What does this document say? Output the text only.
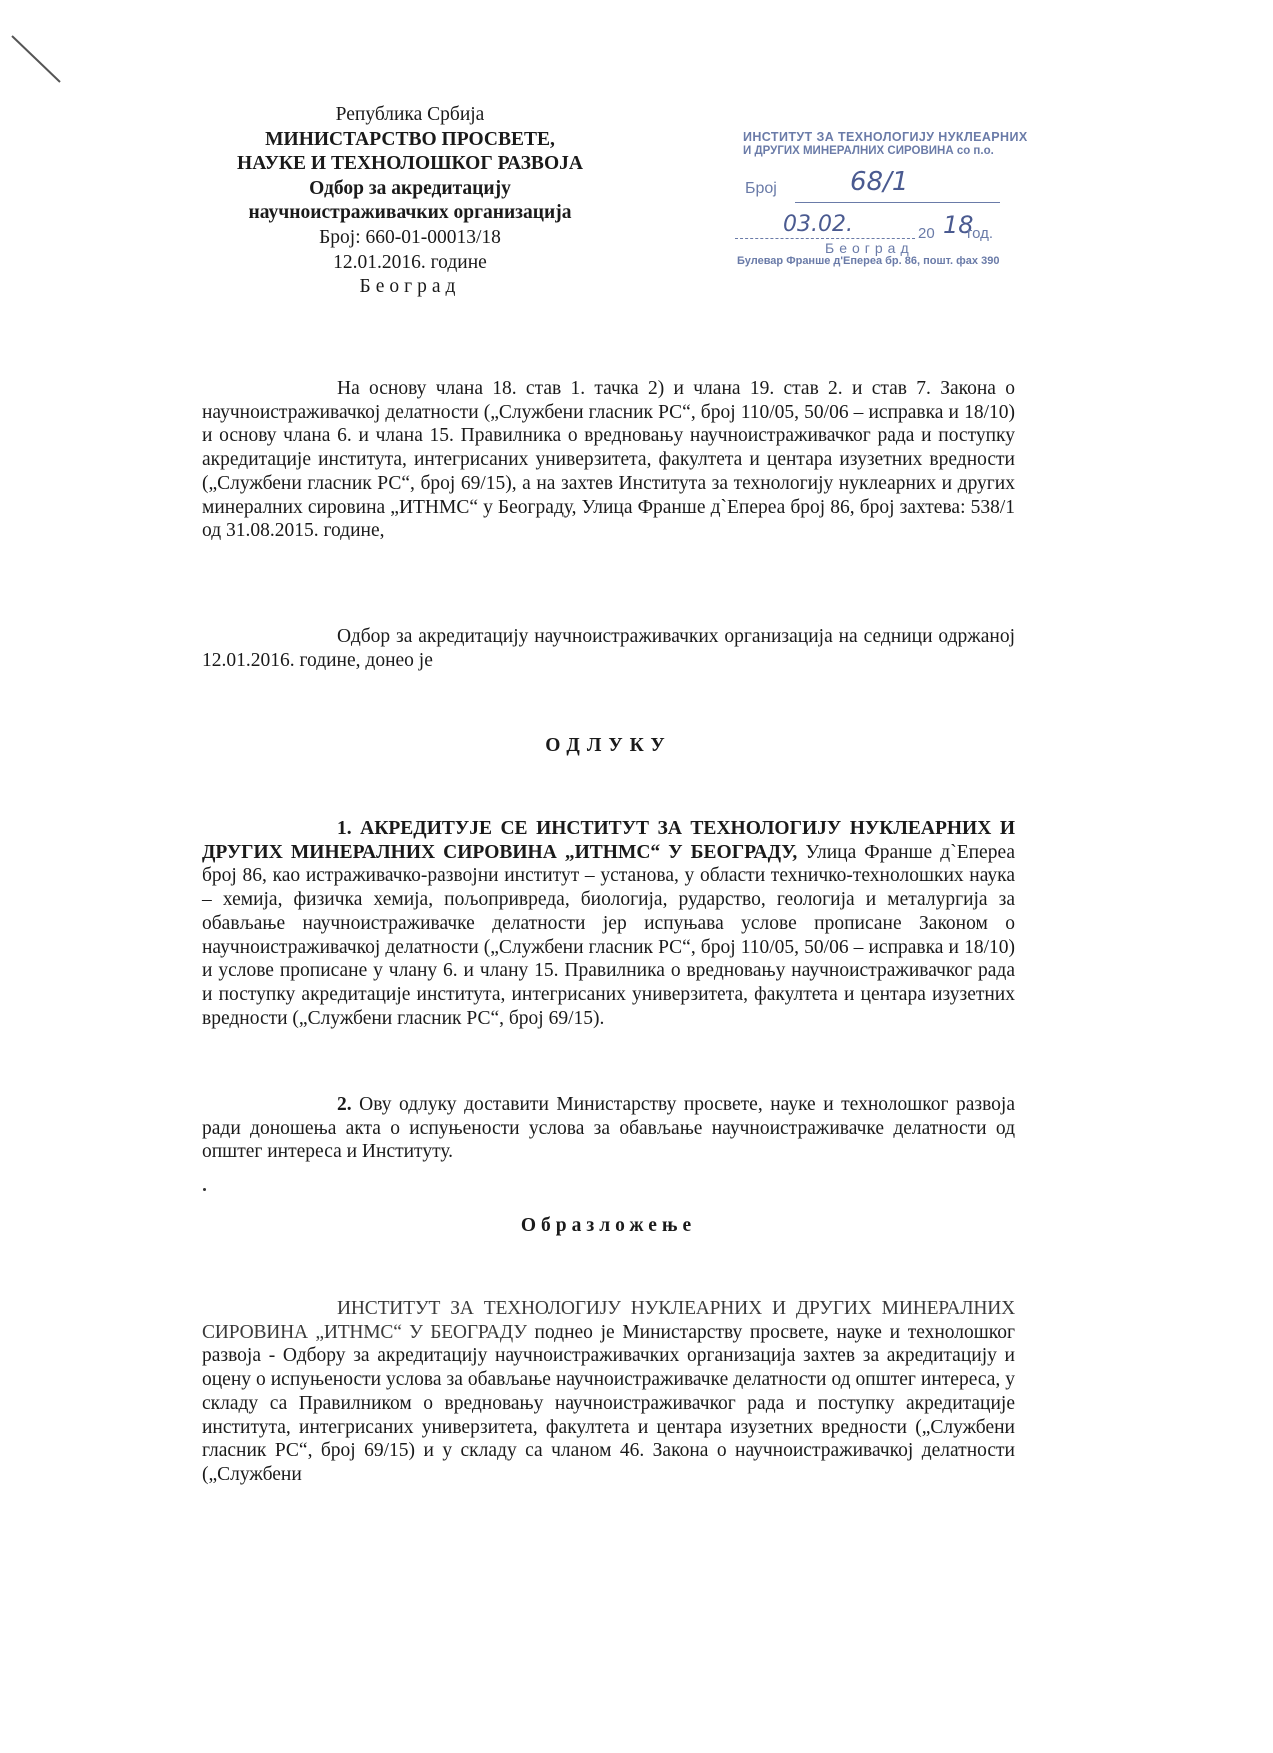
Република Србија
МИНИСТАРСТВО ПРОСВЕТЕ,
НАУКЕ И ТЕХНОЛОШКОГ РАЗВОЈА
Одбор за акредитацију
научноистраживачких организација
Број: 660-01-00013/18
12.01.2016. године
Београд
ИНСТИТУТ ЗА ТЕХНОЛОГИЈУ НУКЛЕАРНИХ
И ДРУГИХ МИНЕРАЛНИХ СИРОВИНА со п.о.
Број	68/1
03.02.	20 18
год.
Београд
Булевар Франше д'Епереа бр. 86, пошт. фах 390
На основу члана 18. став 1. тачка 2) и члана 19. став 2. и став 7. Закона о научноистраживачкој делатности („Службени гласник РС“, број 110/05, 50/06 – исправка и 18/10) и основу члана 6. и члана 15. Правилника о вредновању научноистраживачког рада и поступку акредитације института, интегрисаних универзитета, факултета и центара изузетних вредности („Службени гласник РС“, број 69/15), а на захтев Института за технологију нуклеарних и других минералних сировина „ИТНМС“ у Београду, Улица Франше д`Епереа број 86, број захтева: 538/1 од 31.08.2015. године,
Одбор за акредитацију научноистраживачких организација на седници одржаној 12.01.2016. године, донео је
ОДЛУКУ
1. АКРЕДИТУЈЕ СЕ ИНСТИТУТ ЗА ТЕХНОЛОГИЈУ НУКЛЕАРНИХ И ДРУГИХ МИНЕРАЛНИХ СИРОВИНА „ИТНМС“ У БЕОГРАДУ, Улица Франше д`Епереа број 86, као истраживачко-развојни институт – установа, у области техничко-технолошких наука – хемија, физичка хемија, пољопривреда, биологија, рударство, геологија и металургија за обављање научноистраживачке делатности јер испуњава услове прописане Законом о научноистраживачкој делатности („Службени гласник РС“, број 110/05, 50/06 – исправка и 18/10) и услове прописане у члану 6. и члану 15. Правилника о вредновању научноистраживачког рада и поступку акредитације института, интегрисаних универзитета, факултета и центара изузетних вредности („Службени гласник РС“, број 69/15).
2. Ову одлуку доставити Министарству просвете, науке и технолошког развоја ради доношења акта о испуњености услова за обављање научноистраживачке делатности од општег интереса и Институту.
Образложење
ИНСТИТУТ ЗА ТЕХНОЛОГИЈУ НУКЛЕАРНИХ И ДРУГИХ МИНЕРАЛНИХ СИРОВИНА „ИТНМС“ У БЕОГРАДУ поднео је Министарству просвете, науке и технолошког развоја - Одбору за акредитацију научноистраживачких организација захтев за акредитацију и оцену о испуњености услова за обављање научноистраживачке делатности од општег интереса, у складу са Правилником о вредновању научноистраживачког рада и поступку акредитације института, интегрисаних универзитета, факултета и центара изузетних вредности („Службени гласник РС“, број 69/15) и у складу са чланом 46. Закона о научноистраживачкој делатности („Службени
